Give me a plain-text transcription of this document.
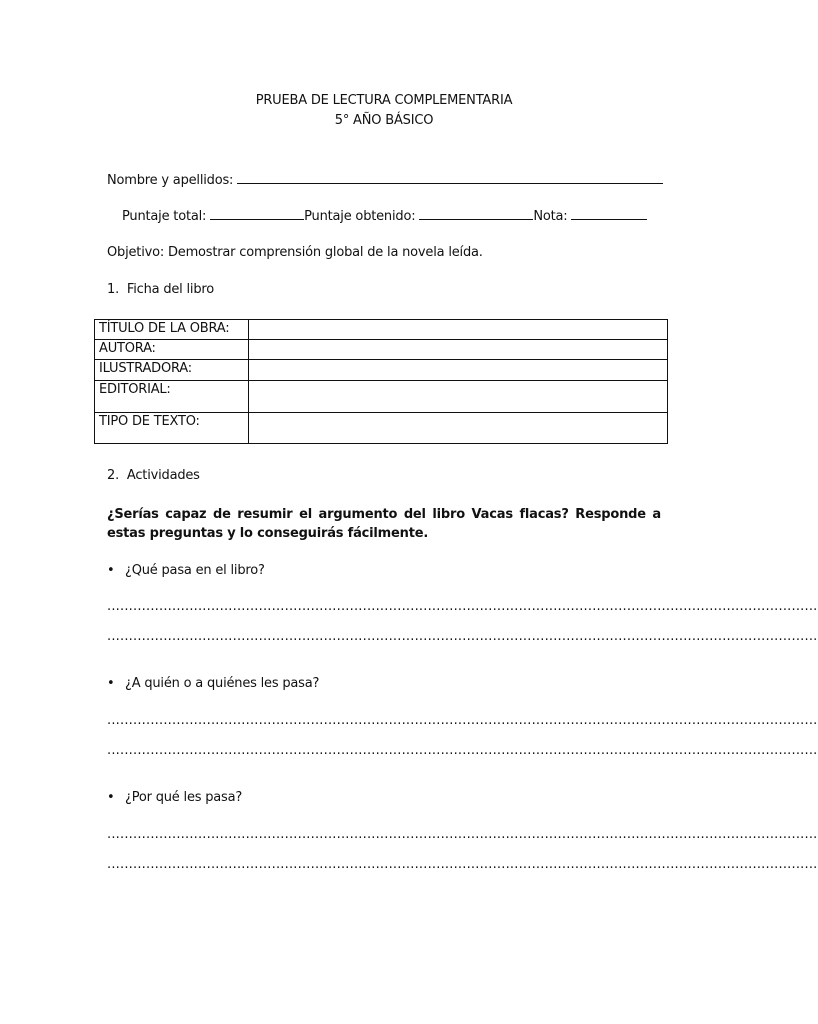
PRUEBA DE LECTURA COMPLEMENTARIA
5° AÑO BÁSICO
Nombre y apellidos:
Puntaje total:	Puntaje obtenido:	Nota:
Objetivo: Demostrar comprensión global de la novela leída.
1. Ficha del libro
TÍTULO DE LA OBRA:	
AUTORA:	
ILUSTRADORA:	
EDITORIAL:	
TIPO DE TEXTO:	
2. Actividades
¿Serías capaz de resumir el argumento del libro Vacas flacas? Responde a estas preguntas y lo conseguirás fácilmente.
• ¿Qué pasa en el libro?
....................................................................................................................................................................
....................................................................................................................................................................
• ¿A quién o a quiénes les pasa?
....................................................................................................................................................................
....................................................................................................................................................................
• ¿Por qué les pasa?
....................................................................................................................................................................
....................................................................................................................................................................
